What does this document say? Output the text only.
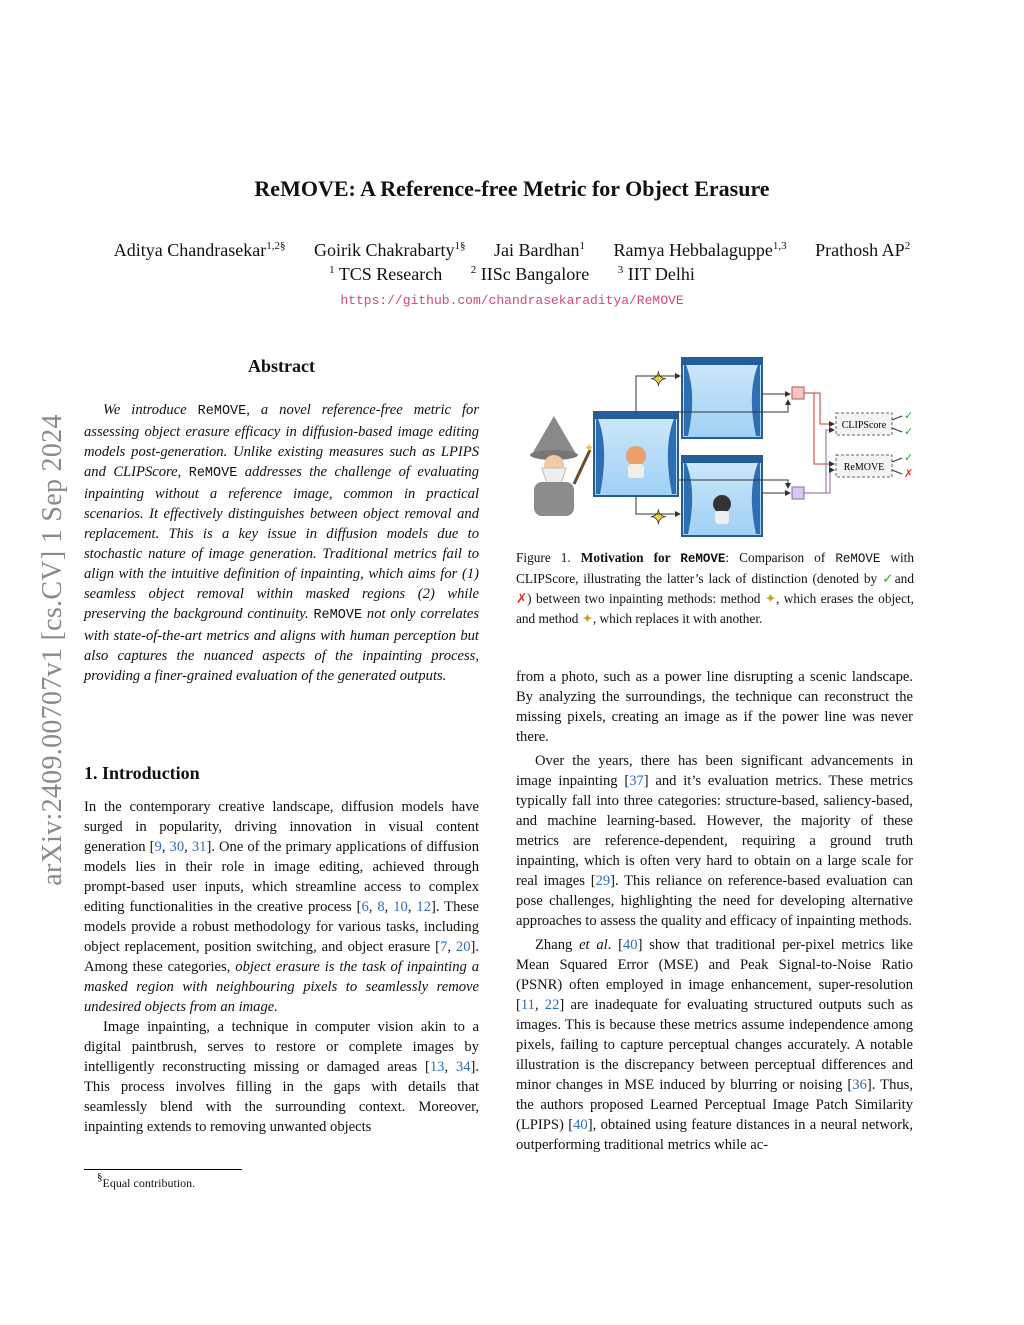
arXiv:2409.00707v1 [cs.CV] 1 Sep 2024
ReMOVE: A Reference-free Metric for Object Erasure
Aditya Chandrasekar$^{1,2\S}$ Goirik Chakrabarty$^{1\S}$ Jai Bardhan$^1$ Ramya Hebbalaguppe$^{1,3}$ Prathosh $AP^2$
$^1$ TCS Research	$^2$ IISc Bangalore	$^3$ IIT Delhi
https://github.com/chandrasekaraditya/ReMOVE
Abstract

We introduce ReMOVE, a novel reference-free metric for assessing object erasure efficacy in diffusion-based image editing models post-generation. Unlike existing measures such as LPIPS and CLIPScore, ReMOVE addresses the challenge of evaluating inpainting without a reference image, common in practical scenarios. It effectively distinguishes between object removal and replacement. This is a key issue in diffusion models due to stochastic nature of image generation. Traditional metrics fail to align with the intuitive definition of inpainting, which aims for (1) seamless object removal within masked regions (2) while preserving the background continuity. ReMOVE not only correlates with state-of-the-art metrics and aligns with human perception but also captures the nuanced aspects of the inpainting process, providing a finer-grained evaluation of the generated outputs.

1. Introduction

In the contemporary creative landscape, diffusion models have surged in popularity, driving innovation in visual content generation [9, 30, 31]. One of the primary applications of diffusion models lies in their role in image editing, achieved through prompt-based user inputs, which streamline access to complex editing functionalities in the creative process [6, 8, 10, 12]. These models provide a robust methodology for various tasks, including object replacement, position switching, and object erasure [7, 20]. Among these categories, object erasure is the task of inpainting a masked region with neighbouring pixels to seamlessly remove undesired objects from an image.

Image inpainting, a technique in computer vision akin to a digital paintbrush, serves to restore or complete images by intelligently reconstructing missing or damaged areas [13, 34]. This process involves filling in the gaps with details that seamlessly blend with the surrounding context. Moreover, inpainting extends to removing unwanted objects

§Equal contribution.
✦
✦
✦
CLIPScore
ReMOVE
✓
✓
✓
✗
Figure 1. Motivation for ReMOVE: Comparison of ReMOVE with CLIPScore, illustrating the latter’s lack of distinction (denoted by ✓and ✗) between two inpainting methods: method ✦, which erases the object, and method ✦, which replaces it with another.

from a photo, such as a power line disrupting a scenic landscape. By analyzing the surroundings, the technique can reconstruct the missing pixels, creating an image as if the power line was never there.

Over the years, there has been significant advancements in image inpainting [37] and it’s evaluation metrics. These metrics typically fall into three categories: structure-based, saliency-based, and machine learning-based. However, the majority of these metrics are reference-dependent, requiring a ground truth inpainting, which is often very hard to obtain on a large scale for real images [29]. This reliance on reference-based evaluation can pose challenges, highlighting the need for developing alternative approaches to assess the quality and efficacy of inpainting methods.

Zhang et al. [40] show that traditional per-pixel metrics like Mean Squared Error (MSE) and Peak Signal-to-Noise Ratio (PSNR) often employed in image enhancement, super-resolution [11, 22] are inadequate for evaluating structured outputs such as images. This is because these metrics assume independence among pixels, failing to capture perceptual changes accurately. A notable illustration is the discrepancy between perceptual differences and minor changes in MSE induced by blurring or noising [36]. Thus, the authors proposed Learned Perceptual Image Patch Similarity (LPIPS) [40], obtained using feature distances in a neural network, outperforming traditional metrics while ac-
